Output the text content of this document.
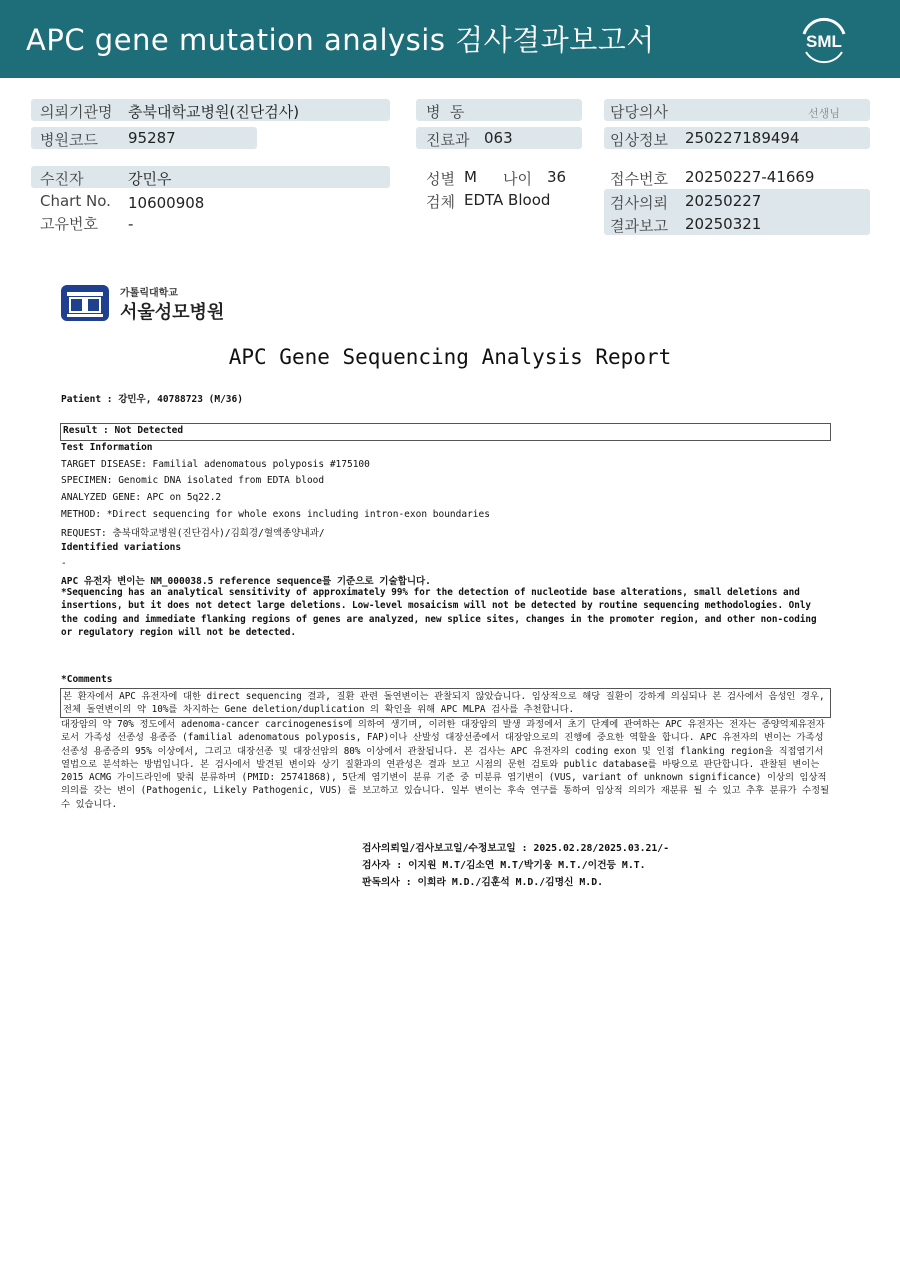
APC gene mutation analysis 검사결과보고서	SML
의뢰기관명 충북대학교병원(진단검사)
병원코드 95287
병  동
진료과 063
담당의사	선생님
임상정보 250227189494
수진자	강민우
Chart No. 10600908
고유번호 -
성별 M 나이 36
검체 EDTA Blood
접수번호 20250227-41669
검사의뢰 20250227
결과보고 20250321
가톨릭대학교
서울성모병원
APC Gene Sequencing Analysis Report
Patient : 강민우, 40788723 (M/36)
Result : Not Detected
Test Information
TARGET DISEASE: Familial adenomatous polyposis #175100
SPECIMEN: Genomic DNA isolated from EDTA blood
ANALYZED GENE: APC on 5q22.2
METHOD: *Direct sequencing for whole exons including intron-exon boundaries
REQUEST: 충북대학교병원(진단검사)/김희경/혈액종양내과/
Identified variations
-
APC 유전자 변이는 NM_000038.5 reference sequence를 기준으로 기술합니다.
*Sequencing has an analytical sensitivity of approximately 99% for the detection of nucleotide base alterations, small deletions and insertions, but it does not detect large deletions. Low-level mosaicism will not be detected by routine sequencing methodologies. Only the coding and immediate flanking regions of genes are analyzed, new splice sites, changes in the promoter region, and other non-coding or regulatory region will not be detected.
*Comments
본 환자에서 APC 유전자에 대한 direct sequencing 결과, 질환 관련 돌연변이는 관찰되지 않았습니다. 임상적으로 해당 질환이 강하게 의심되나 본 검사에서 음성인 경우, 전체 돌연변이의 약 10%를 차지하는 Gene deletion/duplication 의 확인을 위해 APC MLPA 검사를 추천합니다.
대장암의 약 70% 정도에서 adenoma-cancer carcinogenesis에 의하여 생기며, 이러한 대장암의 발생 과정에서 초기 단계에 관여하는 APC 유전자는 전자는 종양억제유전자로서 가족성 선종성 용종증 (familial adenomatous polyposis, FAP)이나 산발성 대장선종에서 대장암으로의 진행에 중요한 역할을 합니다. APC 유전자의 변이는 가족성 선종성 용종증의 95% 이상에서, 그리고 대장선종 및 대장선암의 80% 이상에서 관찰됩니다. 본 검사는 APC 유전자의 coding exon 및 인접 flanking region을 직접염기서열법으로 분석하는 방법입니다. 본 검사에서 발견된 변이와 상기 질환과의 연관성은 결과 보고 시점의 문헌 검토와 public database를 바탕으로 판단합니다. 관찰된 변이는 2015 ACMG 가이드라인에 맞춰 분류하며 (PMID: 25741868), 5단계 염기변이 분류 기준 중 미분류 염기변이 (VUS, variant of unknown significance) 이상의 임상적 의의를 갖는 변이 (Pathogenic, Likely Pathogenic, VUS) 를 보고하고 있습니다. 일부 변이는 후속 연구를 통하여 임상적 의의가 재분류 될 수 있고 추후 분류가 수정될 수 있습니다.
검사의뢰일/검사보고일/수정보고일 : 2025.02.28/2025.03.21/-
검사자 : 이지원 M.T/김소연 M.T/박기웅 M.T./이건등 M.T.
판독의사 : 이희라 M.D./김훈석 M.D./김명신 M.D.
